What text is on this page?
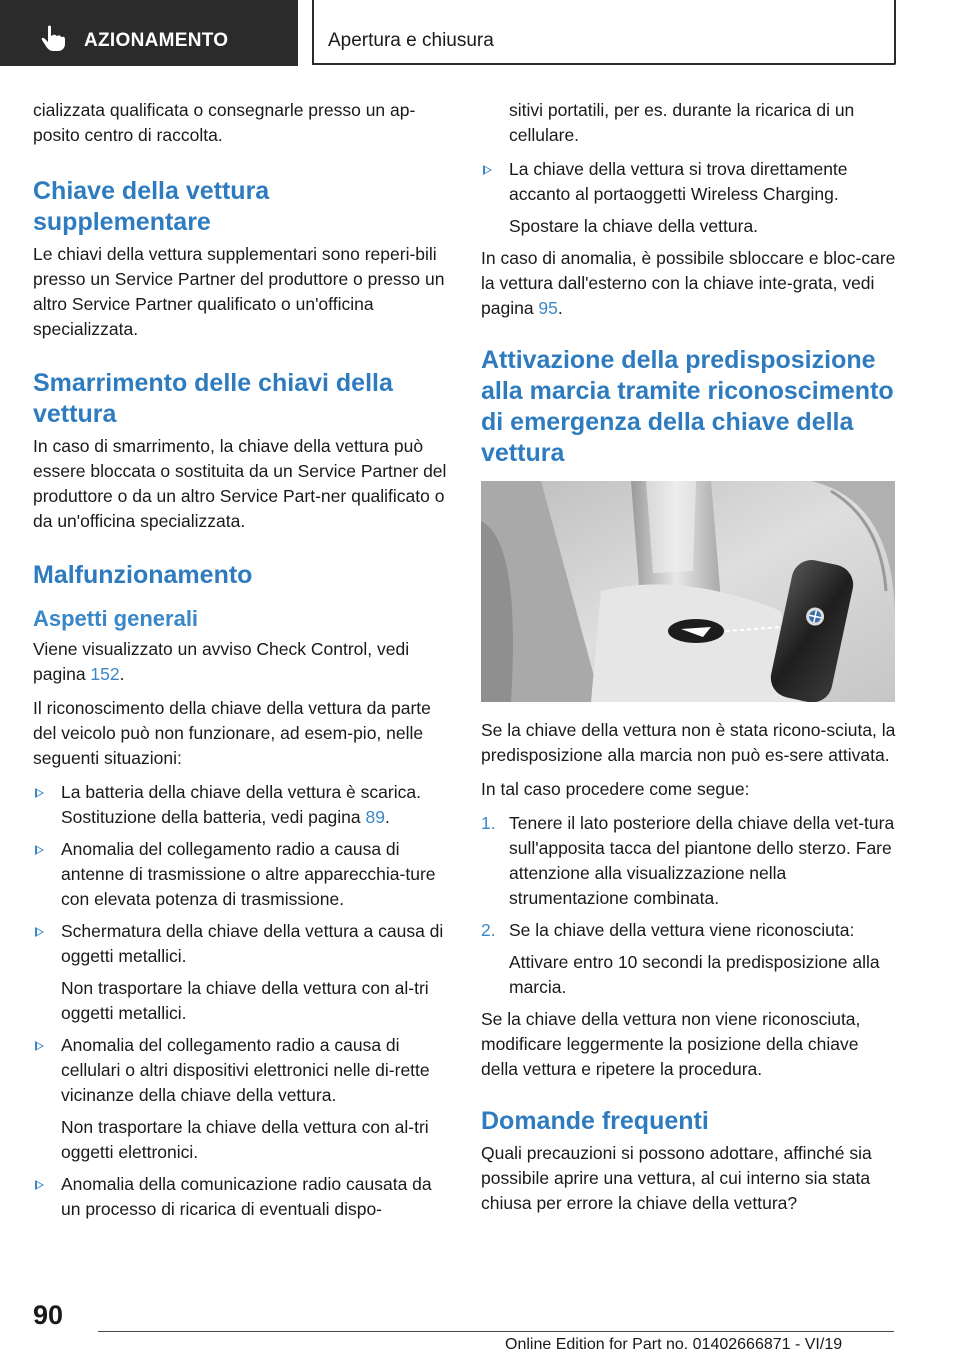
AZIONAMENTO	Apertura e chiusura

cializzata qualificata o consegnarle presso un ap-posito centro di raccolta.

Chiave della vettura supplementare

Le chiavi della vettura supplementari sono reperi-bili presso un Service Partner del produttore o presso un altro Service Partner qualificato o un'officina specializzata.

Smarrimento delle chiavi della vettura

In caso di smarrimento, la chiave della vettura può essere bloccata o sostituita da un Service Partner del produttore o da un altro Service Part-ner qualificato o da un'officina specializzata.

Malfunzionamento
Aspetti generali

Viene visualizzato un avviso Check Control, vedi pagina 152.

Il riconoscimento della chiave della vettura da parte del veicolo può non funzionare, ad esem-pio, nelle seguenti situazioni:

La batteria della chiave della vettura è scarica. Sostituzione della batteria, vedi pagina 89.

Anomalia del collegamento radio a causa di antenne di trasmissione o altre apparecchia-ture con elevata potenza di trasmissione.

Schermatura della chiave della vettura a causa di oggetti metallici.

Non trasportare la chiave della vettura con al-tri oggetti metallici.

Anomalia del collegamento radio a causa di cellulari o altri dispositivi elettronici nelle di-rette vicinanze della chiave della vettura.

Non trasportare la chiave della vettura con al-tri oggetti elettronici.

Anomalia della comunicazione radio causata da un processo di ricarica di eventuali dispo-

sitivi portatili, per es. durante la ricarica di un cellulare.

La chiave della vettura si trova direttamente accanto al portaoggetti Wireless Charging.

Spostare la chiave della vettura.

In caso di anomalia, è possibile sbloccare e bloc-care la vettura dall'esterno con la chiave inte-grata, vedi pagina 95.

Attivazione della predisposizione alla marcia tramite riconoscimento di emergenza della chiave della vettura

Se la chiave della vettura non è stata ricono-sciuta, la predisposizione alla marcia non può es-sere attivata.

In tal caso procedere come segue:

1. Tenere il lato posteriore della chiave della vet-tura sull'apposita tacca del piantone dello sterzo. Fare attenzione alla visualizzazione nella strumentazione combinata.

2. Se la chiave della vettura viene riconosciuta:

Attivare entro 10 secondi la predisposizione alla marcia.

Se la chiave della vettura non viene riconosciuta, modificare leggermente la posizione della chiave della vettura e ripetere la procedura.

Domande frequenti

Quali precauzioni si possono adottare, affinché sia possibile aprire una vettura, al cui interno sia stata chiusa per errore la chiave della vettura?

90
Online Edition for Part no. 01402666871 - VI/19
